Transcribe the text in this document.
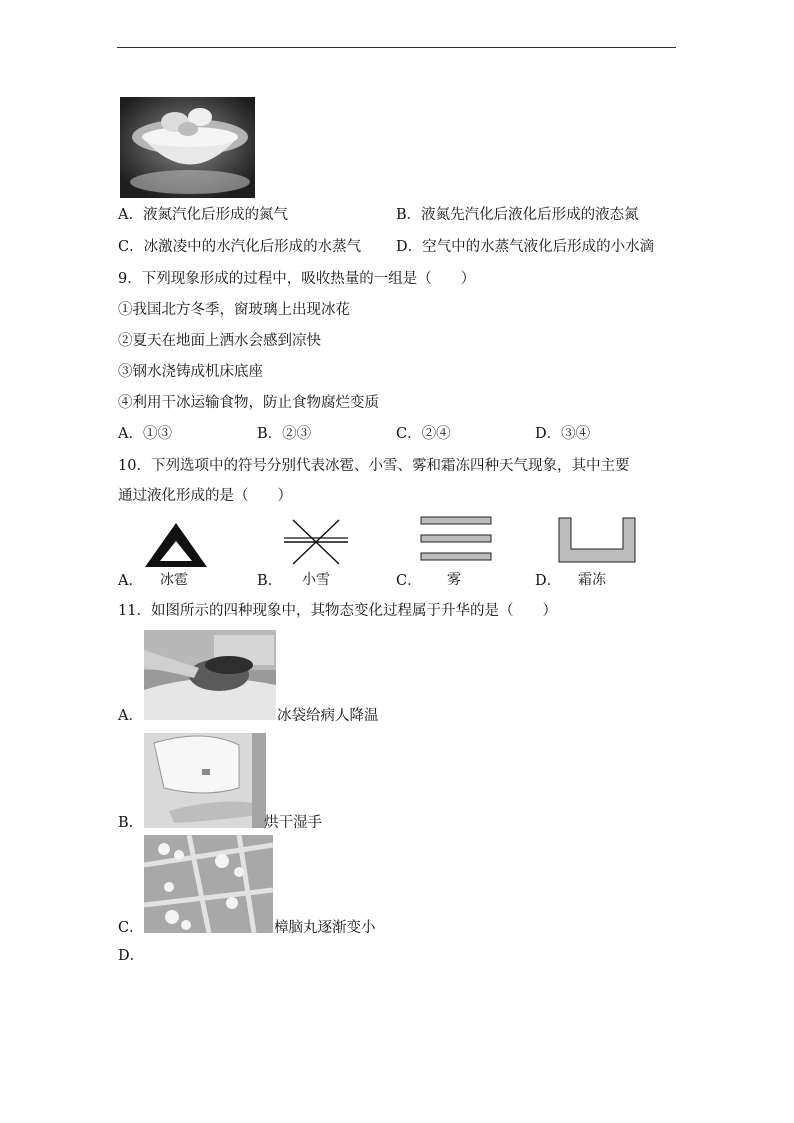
A．液氮汽化后形成的氮气	B．液氮先汽化后液化后形成的液态氮
C．冰激凌中的水汽化后形成的水蒸气 D．空气中的水蒸气液化后形成的小水滴
9．下列现象形成的过程中，吸收热量的一组是（　　）
①我国北方冬季，窗玻璃上出现冰花
②夏天在地面上洒水会感到凉快
③钢水浇铸成机床底座
④利用干冰运输食物，防止食物腐烂变质
A．①③	B．②③	C．②④	D．③④
10．下列选项中的符号分别代表冰雹、小雪、雾和霜冻四种天气现象，其中主要
通过液化形成的是（　　）
A． 冰雹	B． 小雪	C． 雾	D． 霜冻
11．如图所示的四种现象中，其物态变化过程属于升华的是（　　）
A．	冰袋给病人降温
B．	烘干湿手
C．	樟脑丸逐渐变小
D．
